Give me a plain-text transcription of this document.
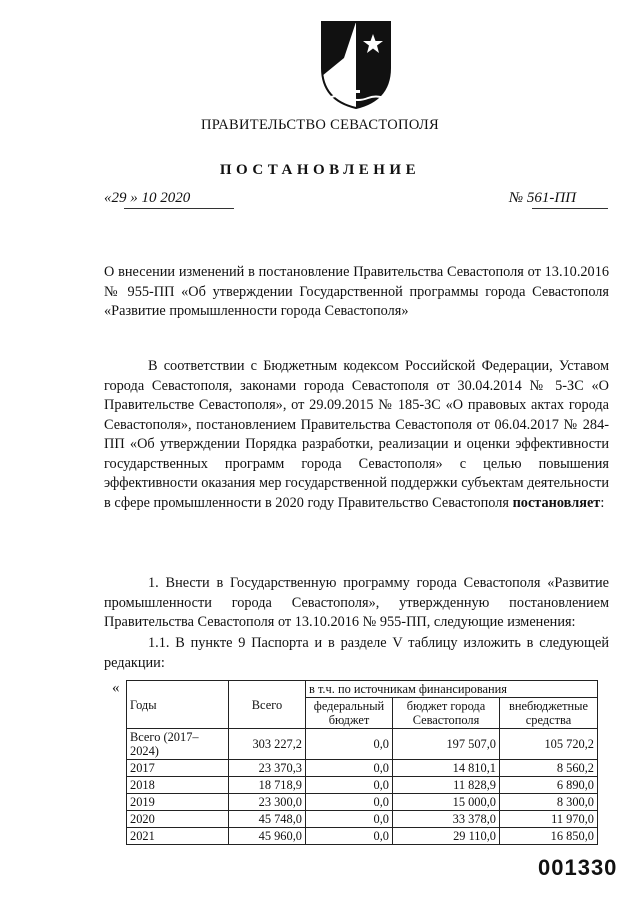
ПРАВИТЕЛЬСТВО СЕВАСТОПОЛЯ
ПОСТАНОВЛЕНИЕ
«29 » 10 2020	№ 561-ПП
О внесении изменений в постановление Правительства Севастополя от 13.10.2016 № 955-ПП «Об утверждении Государственной программы города Севастополя «Развитие промышленности города Севастополя»
В соответствии с Бюджетным кодексом Российской Федерации, Уставом города Севастополя, законами города Севастополя от 30.04.2014 № 5-ЗС «О Правительстве Севастополя», от 29.09.2015 № 185-ЗС «О правовых актах города Севастополя», постановлением Правительства Севастополя от 06.04.2017 № 284-ПП «Об утверждении Порядка разработки, реализации и оценки эффективности государственных программ города Севастополя» с целью повышения эффективности оказания мер государственной поддержки субъектам деятельности в сфере промышленности в 2020 году Правительство Севастополя постановляет:
1. Внести в Государственную программу города Севастополя «Развитие промышленности города Севастополя», утвержденную постановлением Правительства Севастополя от 13.10.2016 № 955-ПП, следующие изменения:
1.1. В пункте 9 Паспорта и в разделе V таблицу изложить в следующей редакции:
«
Годы	Всего	в т.ч. по источникам финансирования		
		федеральный бюджет	бюджет города Севастополя	внебюджетные средства
Всего (2017–2024)	303 227,2	0,0	197 507,0	105 720,2
2017	23 370,3	0,0	14 810,1	8 560,2
2018	18 718,9	0,0	11 828,9	6 890,0
2019	23 300,0	0,0	15 000,0	8 300,0
2020	45 748,0	0,0	33 378,0	11 970,0
2021	45 960,0	0,0	29 110,0	16 850,0
001330
